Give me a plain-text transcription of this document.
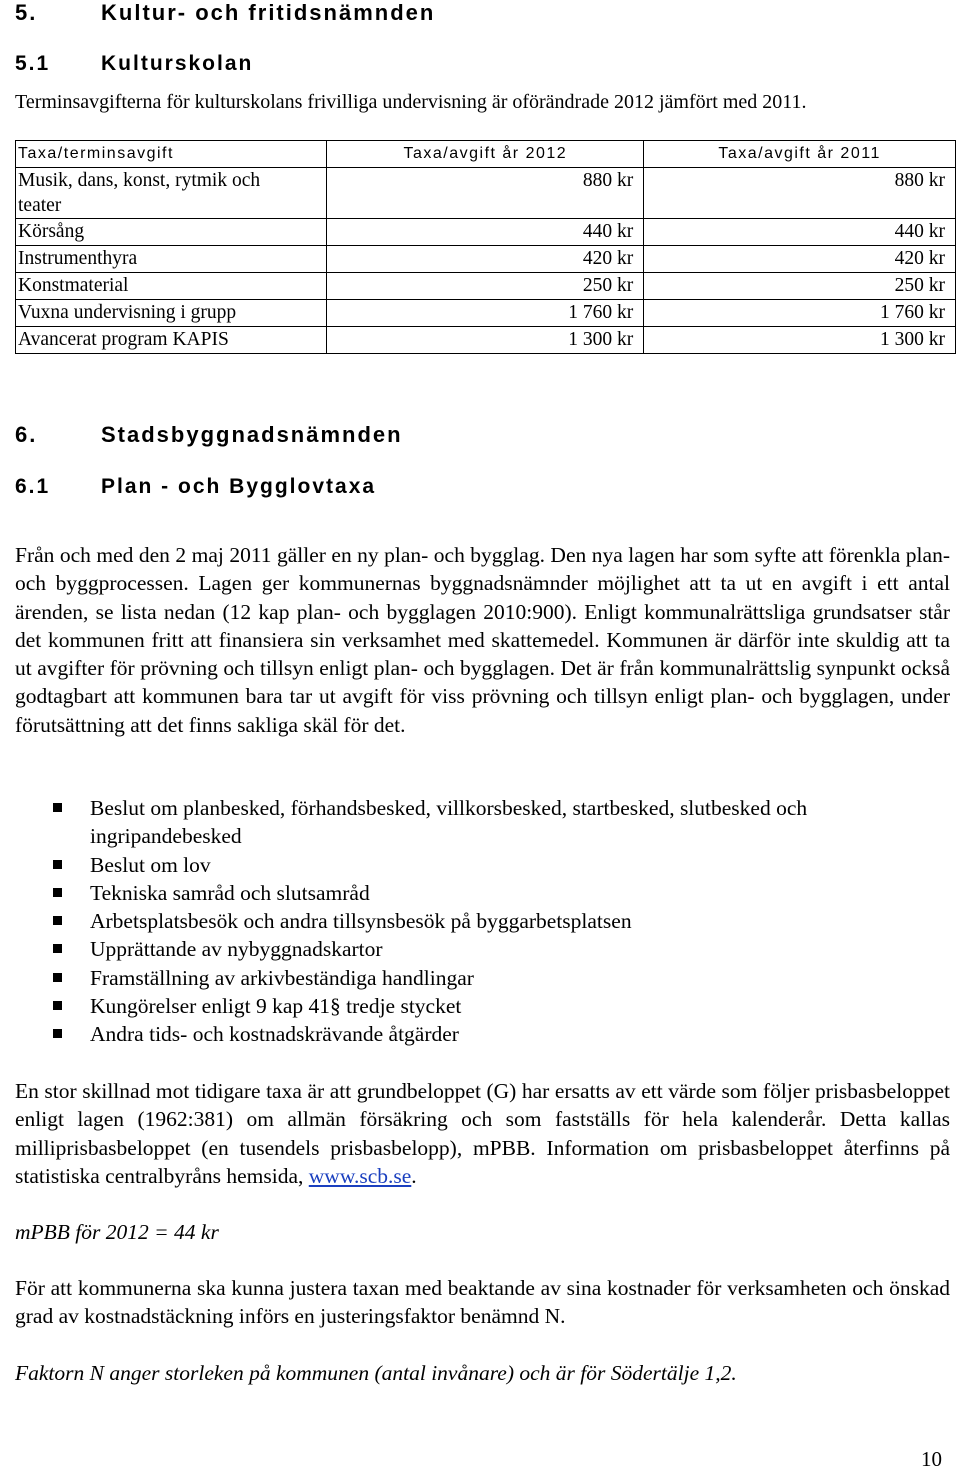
5.	Kultur- och fritidsnämnden
5.1 Kulturskolan
Terminsavgifterna för kulturskolans frivilliga undervisning är oförändrade 2012 jämfört med 2011.
Taxa/terminsavgift	Taxa/avgift år 2012	Taxa/avgift år 2011
Musik, dans, konst, rytmik och
teater	880 kr	880 kr
Körsång	440 kr	440 kr
Instrumenthyra	420 kr	420 kr
Konstmaterial	250 kr	250 kr
Vuxna undervisning i grupp	1 760 kr	1 760 kr
Avancerat program KAPIS	1 300 kr	1 300 kr
6.	Stadsbyggnadsnämnden
6.1 Plan - och Bygglovtaxa
Från och med den 2 maj 2011 gäller en ny plan- och bygglag. Den nya lagen har som syfte att förenkla plan- och byggprocessen. Lagen ger kommunernas byggnadsnämnder möjlighet att ta ut en avgift i ett antal ärenden, se lista nedan (12 kap plan- och bygglagen 2010:900). Enligt kommunalrättsliga grundsatser står det kommunen fritt att finansiera sin verksamhet med skattemedel. Kommunen är därför inte skuldig att ta ut avgifter för prövning och tillsyn enligt plan- och bygglagen. Det är från kommunalrättslig synpunkt också godtagbart att kommunen bara tar ut avgift för viss prövning och tillsyn enligt plan- och bygglagen, under förutsättning att det finns sakliga skäl för det.
Beslut om planbesked, förhandsbesked, villkorsbesked, startbesked, slutbesked och ingripandebesked
Beslut om lov
Tekniska samråd och slutsamråd
Arbetsplatsbesök och andra tillsynsbesök på byggarbetsplatsen
Upprättande av nybyggnadskartor
Framställning av arkivbeständiga handlingar
Kungörelser enligt 9 kap 41§ tredje stycket
Andra tids- och kostnadskrävande åtgärder
En stor skillnad mot tidigare taxa är att grundbeloppet (G) har ersatts av ett värde som följer prisbasbeloppet enligt lagen (1962:381) om allmän försäkring och som fastställs för hela kalenderår. Detta kallas milliprisbasbeloppet (en tusendels prisbasbelopp), mPBB. Information om prisbasbeloppet återfinns på statistiska centralbyråns hemsida, www.scb.se.
mPBB för 2012 = 44 kr
För att kommunerna ska kunna justera taxan med beaktande av sina kostnader för verksamheten och önskad grad av kostnadstäckning införs en justeringsfaktor benämnd N.
Faktorn N anger storleken på kommunen (antal invånare) och är för Södertälje 1,2.
10
